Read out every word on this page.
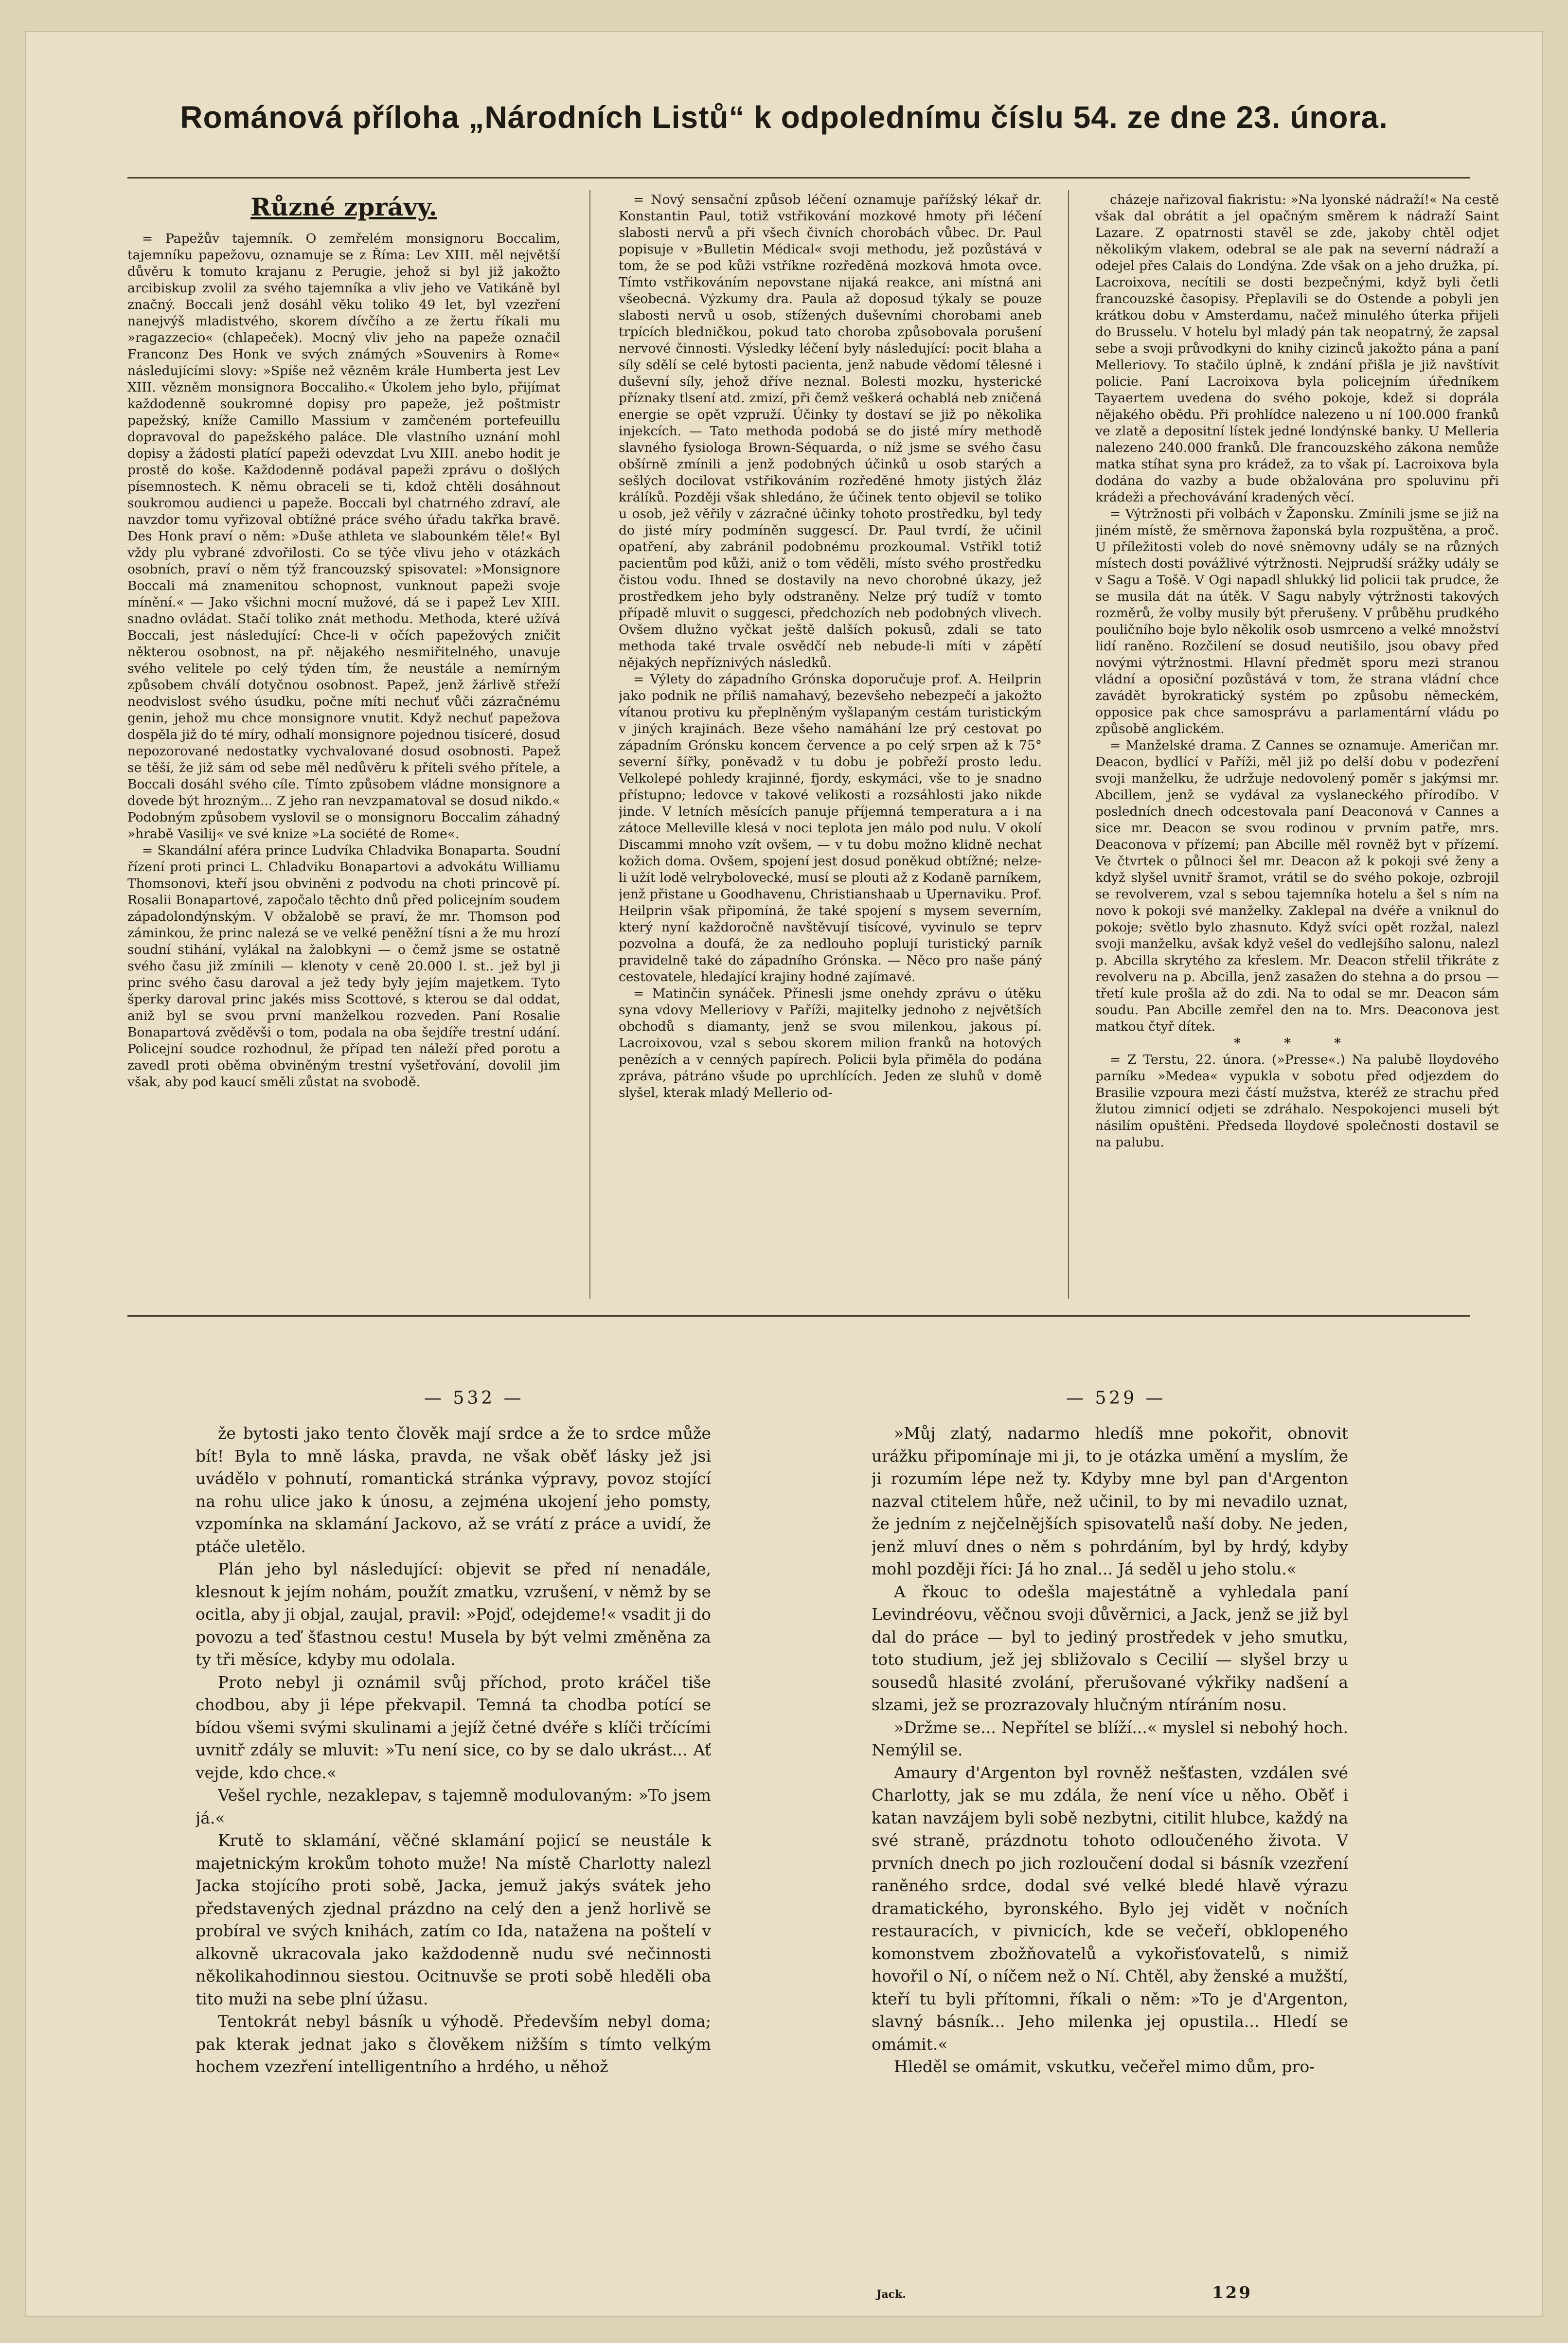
Románová příloha „Národních Listů“ k odpolednímu číslu 54. ze dne 23. února.

Různé zprávy.

= Papežův tajemník. O zemřelém monsignoru Boccalim, tajemníku papežovu, oznamuje se z Říma: Lev XIII. měl největší důvěru k tomuto krajanu z Perugie, jehož si byl již jakožto arcibiskup zvolil za svého tajemníka a vliv jeho ve Vatikáně byl značný. Boccali jenž dosáhl věku toliko 49 let, byl vzezření nanejvýš mladistvého, skorem dívčího a ze žertu říkali mu »ragazzecio« (chlapeček). Mocný vliv jeho na papeže označil Franconz Des Honk ve svých známých »Souvenirs à Rome« následujícími slovy: »Spíše než vězněm krále Humberta jest Lev XIII. vězněm monsignora Boccaliho.« Úkolem jeho bylo, přijímat každodenně soukromné dopisy pro papeže, jež poštmistr papežský, kníže Camillo Massium v zamčeném portefeuillu dopravoval do papežského paláce. Dle vlastního uznání mohl dopisy a žádosti platící papeži odevzdat Lvu XIII. anebo hodit je prostě do koše. Každodenně podával papeži zprávu o došlých písemnostech. K němu obraceli se ti, kdož chtěli dosáhnout soukromou audienci u papeže. Boccali byl chatrného zdraví, ale navzdor tomu vyřizoval obtížné práce svého úřadu takřka bravě. Des Honk praví o něm: »Duše athleta ve slabounkém těle!« Byl vždy plu vybrané zdvořilosti. Co se týče vlivu jeho v otázkách osobních, praví o něm týž francouzský spisovatel: »Monsignore Boccali má znamenitou schopnost, vunknout papeži svoje mínění.« — Jako všichni mocní mužové, dá se i papež Lev XIII. snadno ovládat. Stačí toliko znát methodu. Methoda, které užívá Boccali, jest následující: Chce-li v očích papežových zničit některou osobnost, na př. nějakého nesmiřitelného, unavuje svého velitele po celý týden tím, že neustále a nemírným způsobem chválí dotyčnou osobnost. Papež, jenž žárlivě střeží neodvislost svého úsudku, počne míti nechuť vůči zázračnému genin, jehož mu chce monsignore vnutit. Když nechuť papežova dospěla již do té míry, odhalí monsignore pojednou tisíceré, dosud nepozorované nedostatky vychvalované dosud osobnosti. Papež se těší, že již sám od sebe měl nedůvěru k příteli svého přítele, a Boccali dosáhl svého cíle. Tímto způsobem vládne monsignore a dovede být hrozným... Z jeho ran nevzpamatoval se dosud nikdo.« Podobným způsobem vyslovil se o monsignoru Boccalim záhadný »hrabě Vasilij« ve své knize »La société de Rome«.

= Skandální aféra prince Ludvíka Chladvika Bonaparta. Soudní řízení proti princi L. Chladviku Bonapartovi a advokátu Williamu Thomsonovi, kteří jsou obviněni z podvodu na choti princově pí. Rosalii Bonapartové, započalo těchto dnů před policejním soudem západolondýnským. V obžalobě se praví, že mr. Thomson pod záminkou, že princ nalezá se ve velké peněžní tísni a že mu hrozí soudní stihání, vylákal na žalobkyni — o čemž jsme se ostatně svého času již zmínili — klenoty v ceně 20.000 l. st.. jež byl ji princ svého času daroval a jež tedy byly jejím majetkem. Tyto šperky daroval princ jakés miss Scottové, s kterou se dal oddat, aniž byl se svou první manželkou rozveden. Paní Rosalie Bonapartová zvěděvši o tom, podala na oba šejdíře trestní udání. Policejní soudce rozhodnul, že případ ten náleží před porotu a zavedl proti oběma obviněným trestní vyšetřování, dovolil jim však, aby pod kaucí směli zůstat na svobodě.

= Nový sensační způsob léčení oznamuje pařížský lékař dr. Konstantin Paul, totiž vstřikování mozkové hmoty při léčení slabosti nervů a při všech čivních chorobách vůbec. Dr. Paul popisuje v »Bulletin Médical« svoji methodu, jež pozůstává v tom, že se pod kůži vstříkne rozředěná mozková hmota ovce. Tímto vstřikováním nepovstane nijaká reakce, ani místná ani všeobecná. Výzkumy dra. Paula až doposud týkaly se pouze slabosti nervů u osob, stížených duševními chorobami aneb trpících bledničkou, pokud tato choroba způsobovala porušení nervové činnosti. Výsledky léčení byly následující: pocit blaha a síly sdělí se celé bytosti pacienta, jenž nabude vědomí tělesné i duševní síly, jehož dříve neznal. Bolesti mozku, hysterické příznaky tlsení atd. zmizí, při čemž veškerá ochablá neb zničená energie se opět vzpruží. Účinky ty dostaví se již po několika injekcích. — Tato methoda podobá se do jisté míry methodě slavného fysiologa Brown-Séquarda, o níž jsme se svého času obšírně zmínili a jenž podobných účinků u osob starých a sešlých docilovat vstřikováním rozředěné hmoty jistých žláz králíků. Později však shledáno, že účinek tento objevil se toliko u osob, jež věřily v zázračné účinky tohoto prostředku, byl tedy do jisté míry podmíněn suggescí. Dr. Paul tvrdí, že učinil opatření, aby zabránil podobnému prozkoumal. Vstřikl totiž pacientům pod kůži, aniž o tom věděli, místo svého prostředku čistou vodu. Ihned se dostavily na nevo chorobné úkazy, jež prostředkem jeho byly odstraněny. Nelze prý tudíž v tomto případě mluvit o suggesci, předchozích neb podobných vlivech. Ovšem dlužno vyčkat ještě dalších pokusů, zdali se tato methoda také trvale osvědčí neb nebude-li míti v zápětí nějakých nepříznivých následků.

= Výlety do západního Grónska doporučuje prof. A. Heilprin jako podnik ne příliš namahavý, bezevšeho nebezpečí a jakožto vítanou protivu ku přeplněným vyšlapaným cestám turistickým v jiných krajinách. Beze všeho namáhání lze prý cestovat po západním Grónsku koncem července a po celý srpen až k 75° severní šířky, poněvadž v tu dobu je pobřeží prosto ledu. Velkolepé pohledy krajinné, fjordy, eskymáci, vše to je snadno přístupno; ledovce v takové velikosti a rozsáhlosti jako nikde jinde. V letních měsících panuje příjemná temperatura a i na zátoce Melleville klesá v noci teplota jen málo pod nulu. V okolí Discammi mnoho vzít ovšem, — v tu dobu možno klidně nechat kožich doma. Ovšem, spojení jest dosud poněkud obtížné; nelze-li užít lodě velrybolovecké, musí se plouti až z Kodaně parníkem, jenž přistane u Goodhavenu, Christianshaab u Upernaviku. Prof. Heilprin však připomíná, že také spojení s mysem severním, který nyní každoročně navštěvují tisícové, vyvinulo se teprv pozvolna a doufá, že za nedlouho poplují turistický parník pravidelně také do západního Grónska. — Něco pro naše páný cestovatele, hledající krajiny hodné zajímavé.

= Matinčin synáček. Přinesli jsme onehdy zprávu o útěku syna vdovy Melleriovy v Paříži, majitelky jednoho z největších obchodů s diamanty, jenž se svou milenkou, jakous pí. Lacroixovou, vzal s sebou skorem milion franků na hotových penězích a v cenných papírech. Policii byla přiměla do podána zpráva, pátráno všude po uprchlících. Jeden ze sluhů v domě slyšel, kterak mladý Mellerio od-

cházeje nařizoval fiakristu: »Na lyonské nádraží!« Na cestě však dal obrátit a jel opačným směrem k nádraží Saint Lazare. Z opatrnosti stavěl se zde, jakoby chtěl odjet několikým vlakem, odebral se ale pak na severní nádraží a odejel přes Calais do Londýna. Zde však on a jeho družka, pí. Lacroixova, necítili se dosti bezpečnými, když byli četli francouzské časopisy. Přeplavili se do Ostende a pobyli jen krátkou dobu v Amsterdamu, načež minulého úterka přijeli do Brusselu. V hotelu byl mladý pán tak neopatrný, že zapsal sebe a svoji průvodkyni do knihy cizinců jakožto pána a paní Melleriovy. To stačilo úplně, k zndání přišla je již navštívit policie. Paní Lacroixova byla policejním úředníkem Tayaertem uvedena do svého pokoje, kdež si doprála nějakého obědu. Při prohlídce nalezeno u ní 100.000 franků ve zlatě a depositní lístek jedné londýnské banky. U Melleria nalezeno 240.000 franků. Dle francouzského zákona nemůže matka stíhat syna pro krádež, za to však pí. Lacroixova byla dodána do vazby a bude obžalována pro spoluvinu při krádeži a přechovávání kradených věcí.

= Výtržnosti při volbách v Žaponsku. Zmínili jsme se již na jiném místě, že směrnova žaponská byla rozpuštěna, a proč. U příležitosti voleb do nové sněmovny udály se na různých místech dosti povážlivé výtržnosti. Nejprudší srážky udály se v Sagu a Tošě. V Ogi napadl shlukký lid policii tak prudce, že se musila dát na útěk. V Sagu nabyly výtržnosti takových rozměrů, že volby musily být přerušeny. V průběhu prudkého pouličního boje bylo několik osob usmrceno a velké množství lidí raněno. Rozčilení se dosud neutišilo, jsou obavy před novými výtržnostmi. Hlavní předmět sporu mezi stranou vládní a oposiční pozůstává v tom, že strana vládní chce zavádět byrokratický systém po způsobu německém, opposice pak chce samosprávu a parlamentární vládu po způsobě anglickém.

= Manželské drama. Z Cannes se oznamuje. Američan mr. Deacon, bydlící v Paříži, měl již po delší dobu v podezření svoji manželku, že udržuje nedovolený poměr s jakýmsi mr. Abcillem, jenž se vydával za vyslaneckého přírodíbo. V posledních dnech odcestovala paní Deaconová v Cannes a sice mr. Deacon se svou rodinou v prvním patře, mrs. Deaconova v přízemí; pan Abcille měl rovněž byt v přízemí. Ve čtvrtek o půlnoci šel mr. Deacon až k pokoji své ženy a když slyšel uvnitř šramot, vrátil se do svého pokoje, ozbrojil se revolverem, vzal s sebou tajemníka hotelu a šel s ním na novo k pokoji své manželky. Zaklepal na dvéře a vniknul do pokoje; světlo bylo zhasnuto. Když svíci opět rozžal, nalezl svoji manželku, avšak když vešel do vedlejšího salonu, nalezl p. Abcilla skrytého za křeslem. Mr. Deacon střelil třikráte z revolveru na p. Abcilla, jenž zasažen do stehna a do prsou — třetí kule prošla až do zdi. Na to odal se mr. Deacon sám soudu. Pan Abcille zemřel den na to. Mrs. Deaconova jest matkou čtyř dítek.

* * *

= Z Terstu, 22. února. (»Presse«.) Na palubě lloydového parníku »Medea« vypukla v sobotu před odjezdem do Brasilie vzpoura mezi částí mužstva, kteréž ze strachu před žlutou zimnicí odjeti se zdráhalo. Nespokojenci museli být násilím opuštěni. Předsedа lloydové společnosti dostavil se na palubu.

— 532 —	— 529 —

že bytosti jako tento člověk mají srdce a že to srdce může bít! Byla to mně láska, pravda, ne však oběť lásky jež jsi uvádělo v pohnutí, romantická stránka výpravy, povoz stojící na rohu ulice jako k únosu, a zejména ukojení jeho pomsty, vzpomínka na sklamání Jackovo, až se vrátí z práce a uvidí, že ptáče uletělo.

Plán jeho byl následující: objevit se před ní nenadále, klesnout k jejím nohám, použít zmatku, vzrušení, v němž by se ocitla, aby ji objal, zaujal, pravil: »Pojď, odejdeme!« vsadit ji do povozu a teď šťastnou cestu! Musela by být velmi změněna za ty tři měsíce, kdyby mu odolala.

Proto nebyl ji oznámil svůj příchod, proto kráčel tiše chodbou, aby ji lépe překvapil. Temná ta chodba potící se bídou všemi svými skulinami a jejíž četné dvéře s klíči trčícími uvnitř zdály se mluvit: »Tu není sice, co by se dalo ukrást... Ať vejde, kdo chce.«

Vešel rychle, nezaklepav, s tajemně modulovaným: »To jsem já.«

Krutě to sklamání, věčné sklamání pojicí se neustále k majetnickým krokům tohoto muže! Na místě Charlotty nalezl Jacka stojícího proti sobě, Jacka, jemuž jakýs svátek jeho představených zjednal prázdno na celý den a jenž horlivě se probíral ve svých knihách, zatím co Ida, natažena na poštelí v alkovně ukracovala jako každodenně nudu své nečinnosti několikahodinnou siestou. Ocitnuvše se proti sobě hleděli oba tito muži na sebe plní úžasu.

Tentokrát nebyl básník u výhodě. Především nebyl doma; pak kterak jednat jako s člověkem nižším s tímto velkým hochem vzezření intelligentního a hrdého, u něhož

»Můj zlatý, nadarmo hledíš mne pokořit, obnovit urážku připomínaje mi ji, to je otázka umění a myslím, že ji rozumím lépe než ty. Kdyby mne byl pan d'Argenton nazval ctitelem hůře, než učinil, to by mi nevadilo uznat, že jedním z nejčelnějších spisovatelů naší doby. Ne jeden, jenž mluví dnes o něm s pohrdáním, byl by hrdý, kdyby mohl později říci: Já ho znal... Já seděl u jeho stolu.«

A řkouc to odešla majestátně a vyhledala paní Levindréovu, věčnou svoji důvěrnici, a Jack, jenž se již byl dal do práce — byl to jediný prostředek v jeho smutku, toto studium, jež jej sbližovalo s Cecilií — slyšel brzy u sousedů hlasité zvolání, přerušované výkřiky nadšení a slzami, jež se prozrazovaly hlučným ntíráním nosu.

»Držme se... Nepřítel se blíží...« myslel si nebohý hoch. Nemýlil se.

Amaury d'Argenton byl rovněž nešťasten, vzdálen své Charlotty, jak se mu zdála, že není více u něho. Oběť i katan navzájem byli sobě nezbytni, citilit hlubce, každý na své straně, prázdnotu tohoto odloučeného života. V prvních dnech po jich rozloučení dodal si básník vzezření raněného srdce, dodal své velké bledé hlavě výrazu dramatického, byronského. Bylo jej vidět v nočních restauracích, v pivnicích, kde se večeří, obklopeného komonstvem zbožňovatelů a vykořisťovatelů, s nimiž hovořil o Ní, o níčem než o Ní. Chtěl, aby ženské a mužští, kteří tu byli přítomni, říkali o něm: »To je d'Argenton, slavný básník... Jeho milenka jej opustila... Hledí se omámit.«

Hleděl se omámit, vskutku, večeřel mimo dům, pro-

Jack.	129
